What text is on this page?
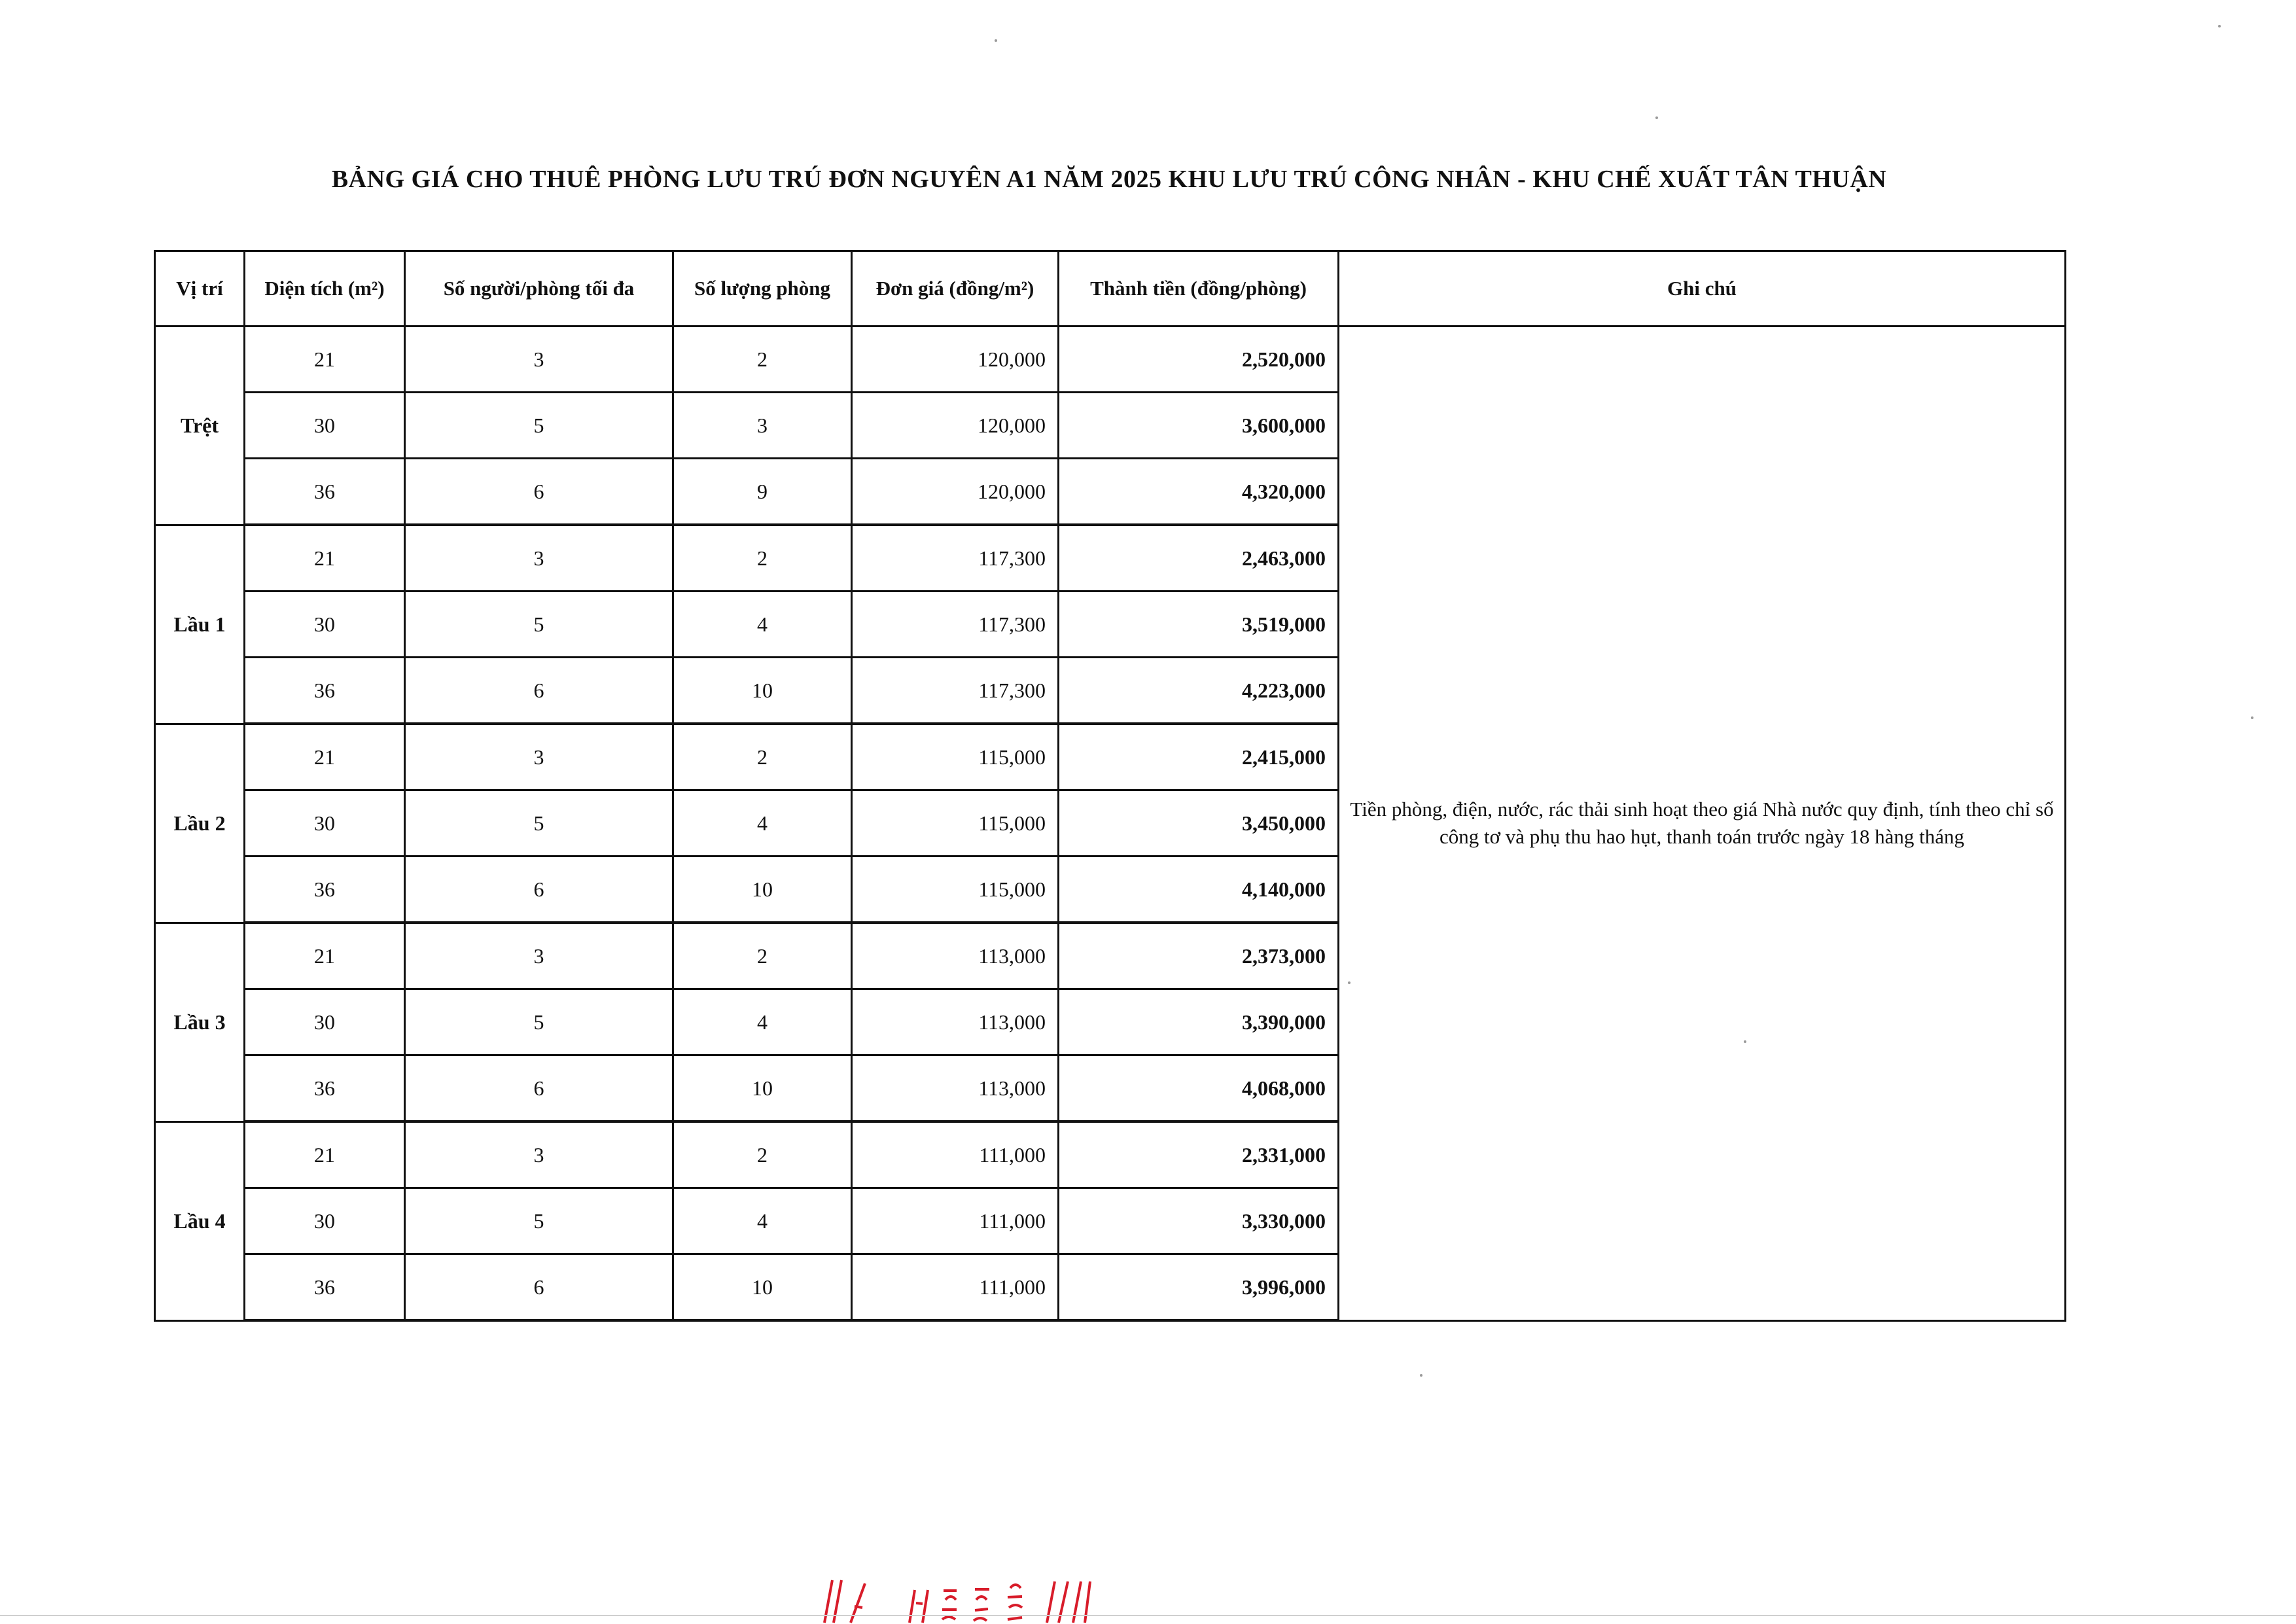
BẢNG GIÁ CHO THUÊ PHÒNG LƯU TRÚ ĐƠN NGUYÊN A1 NĂM 2025 KHU LƯU TRÚ CÔNG NHÂN - KHU CHẾ XUẤT TÂN THUẬN
Vị trí	Diện tích (m²)	Số người/phòng tối đa	Số lượng phòng	Đơn giá (đồng/m²)	Thành tiền (đồng/phòng)	Ghi chú
Trệt	21	3	2	120,000	2,520,000	Tiền phòng, điện, nước, rác thải sinh hoạt theo giá Nhà nước quy định, tính theo chỉ số công tơ và phụ thu hao hụt, thanh toán trước ngày 18 hàng tháng
	30	5	3	120,000	3,600,000	
	36	6	9	120,000	4,320,000	
Lầu 1	21	3	2	117,300	2,463,000	
	30	5	4	117,300	3,519,000	
	36	6	10	117,300	4,223,000	
Lầu 2	21	3	2	115,000	2,415,000	
	30	5	4	115,000	3,450,000	
	36	6	10	115,000	4,140,000	
Lầu 3	21	3	2	113,000	2,373,000	
	30	5	4	113,000	3,390,000	
	36	6	10	113,000	4,068,000	
Lầu 4	21	3	2	111,000	2,331,000	
	30	5	4	111,000	3,330,000	
	36	6	10	111,000	3,996,000	
